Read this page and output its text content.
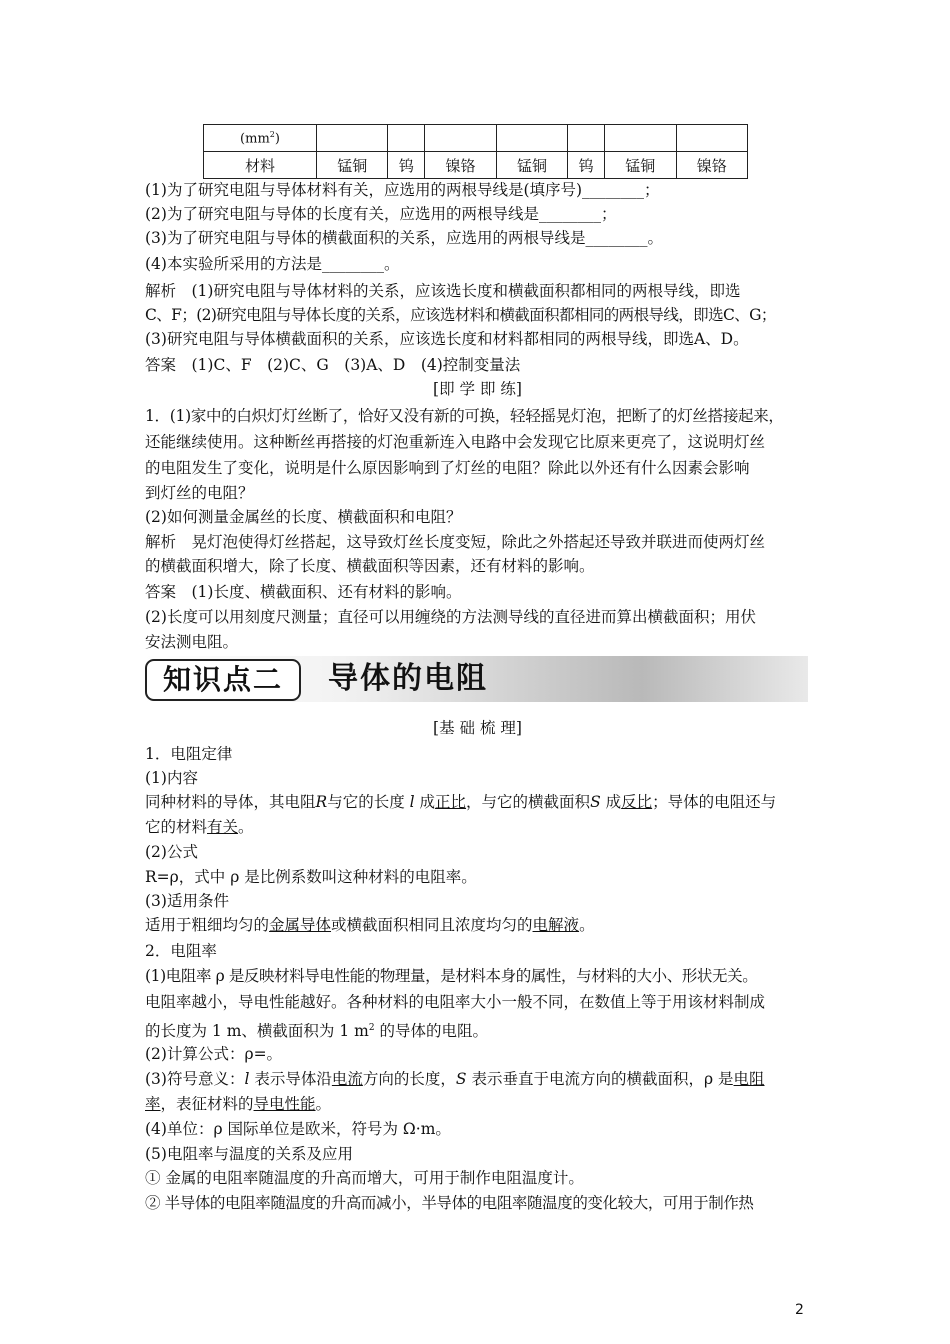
$(mm^2)$							
材料	锰铜	钨	镍铬	锰铜	钨	锰铜	镍铬

(1)为了研究电阻与导体材料有关，应选用的两根导线是(填序号)________；

(2)为了研究电阻与导体的长度有关，应选用的两根导线是________；

(3)为了研究电阻与导体的横截面积的关系，应选用的两根导线是________。

(4)本实验所采用的方法是________。

解析　(1)研究电阻与导体材料的关系，应该选长度和横截面积都相同的两根导线，即选

C、F；(2)研究电阻与导体长度的关系，应该选材料和横截面积都相同的两根导线，即选C、G；

(3)研究电阻与导体横截面积的关系，应该选长度和材料都相同的两根导线，即选A、D。

答案　(1)C、F　(2)C、G　(3)A、D　(4)控制变量法

[即 学 即 练]

1．(1)家中的白炽灯灯丝断了，恰好又没有新的可换，轻轻摇晃灯泡，把断了的灯丝搭接起来，

还能继续使用。这种断丝再搭接的灯泡重新连入电路中会发现它比原来更亮了，这说明灯丝

的电阻发生了变化，说明是什么原因影响到了灯丝的电阻？除此以外还有什么因素会影响

到灯丝的电阻？

(2)如何测量金属丝的长度、横截面积和电阻？

解析　晃灯泡使得灯丝搭起，这导致灯丝长度变短，除此之外搭起还导致并联进而使两灯丝

的横截面积增大，除了长度、横截面积等因素，还有材料的影响。

答案　(1)长度、横截面积、还有材料的影响。

(2)长度可以用刻度尺测量；直径可以用缠绕的方法测导线的直径进而算出横截面积；用伏

安法测电阻。

知识点二	导体的电阻

[基 础 梳 理]

1．电阻定律

(1)内容

同种材料的导体，其电阻R与它的长度 l 成正比，与它的横截面积S 成反比；导体的电阻还与

它的材料有关。

(2)公式

R=ρ，式中 ρ 是比例系数叫这种材料的电阻率。

(3)适用条件

适用于粗细均匀的金属导体或横截面积相同且浓度均匀的电解液。

2．电阻率

(1)电阻率 ρ 是反映材料导电性能的物理量，是材料本身的属性，与材料的大小、形状无关。

电阻率越小，导电性能越好。各种材料的电阻率大小一般不同，在数值上等于用该材料制成

的长度为 1 m、横截面积为 1 $m^2$ 的导体的电阻。

(2)计算公式：ρ=。

(3)符号意义：l 表示导体沿电流方向的长度，S 表示垂直于电流方向的横截面积，ρ 是电阻

率，表征材料的导电性能。

(4)单位：ρ 国际单位是欧米，符号为 Ω·m。

(5)电阻率与温度的关系及应用

① 金属的电阻率随温度的升高而增大，可用于制作电阻温度计。

② 半导体的电阻率随温度的升高而减小，半导体的电阻率随温度的变化较大，可用于制作热

2
